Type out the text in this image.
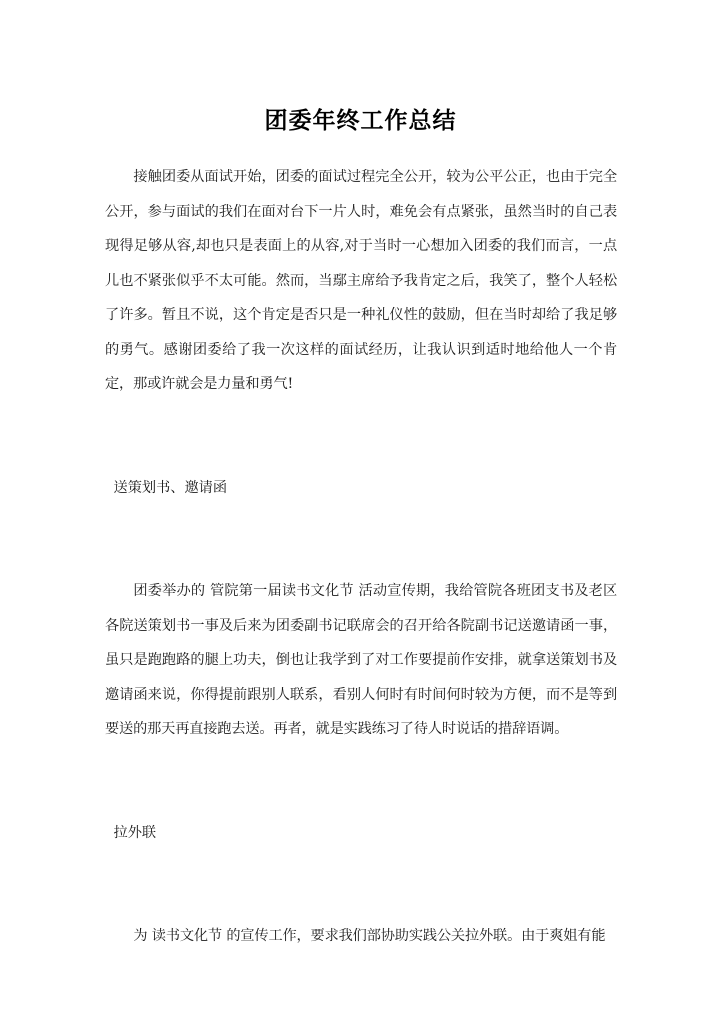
团委年终工作总结

接触团委从面试开始，团委的面试过程完全公开，较为公平公正，也由于完全公开，参与面试的我们在面对台下一片人时，难免会有点紧张，虽然当时的自己表现得足够从容,却也只是表面上的从容,对于当时一心想加入团委的我们而言，一点儿也不紧张似乎不太可能。然而，当鄢主席给予我肯定之后，我笑了，整个人轻松了许多。暂且不说，这个肯定是否只是一种礼仪性的鼓励，但在当时却给了我足够的勇气。感谢团委给了我一次这样的面试经历，让我认识到适时地给他人一个肯定，那或许就会是力量和勇气!

送策划书、邀请函

团委举办的 管院第一届读书文化节 活动宣传期，我给管院各班团支书及老区各院送策划书一事及后来为团委副书记联席会的召开给各院副书记送邀请函一事，虽只是跑跑路的腿上功夫，倒也让我学到了对工作要提前作安排，就拿送策划书及邀请函来说，你得提前跟别人联系，看别人何时有时间何时较为方便，而不是等到要送的那天再直接跑去送。再者，就是实践练习了待人时说话的措辞语调。

拉外联

为 读书文化节 的宣传工作，要求我们部协助实践公关拉外联。由于爽姐有能
